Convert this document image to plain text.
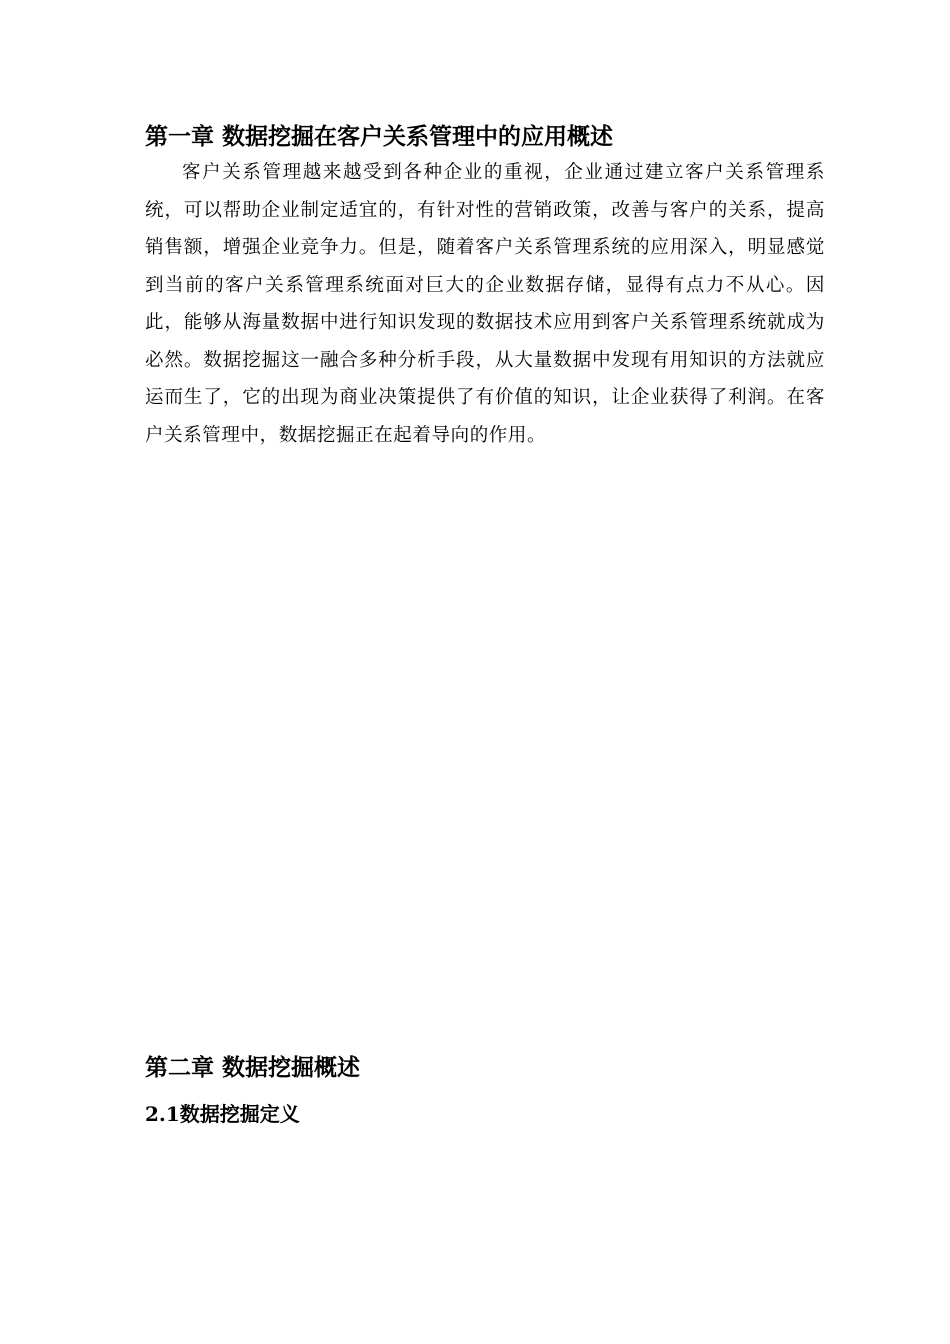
第一章 数据挖掘在客户关系管理中的应用概述

客户关系管理越来越受到各种企业的重视，企业通过建立客户关系管理系统，可以帮助企业制定适宜的，有针对性的营销政策，改善与客户的关系，提高销售额，增强企业竞争力。但是，随着客户关系管理系统的应用深入，明显感觉到当前的客户关系管理系统面对巨大的企业数据存储，显得有点力不从心。因此，能够从海量数据中进行知识发现的数据技术应用到客户关系管理系统就成为必然。数据挖掘这一融合多种分析手段，从大量数据中发现有用知识的方法就应运而生了，它的出现为商业决策提供了有价值的知识，让企业获得了利润。在客户关系管理中，数据挖掘正在起着导向的作用。

第二章 数据挖掘概述
2.1数据挖掘定义
